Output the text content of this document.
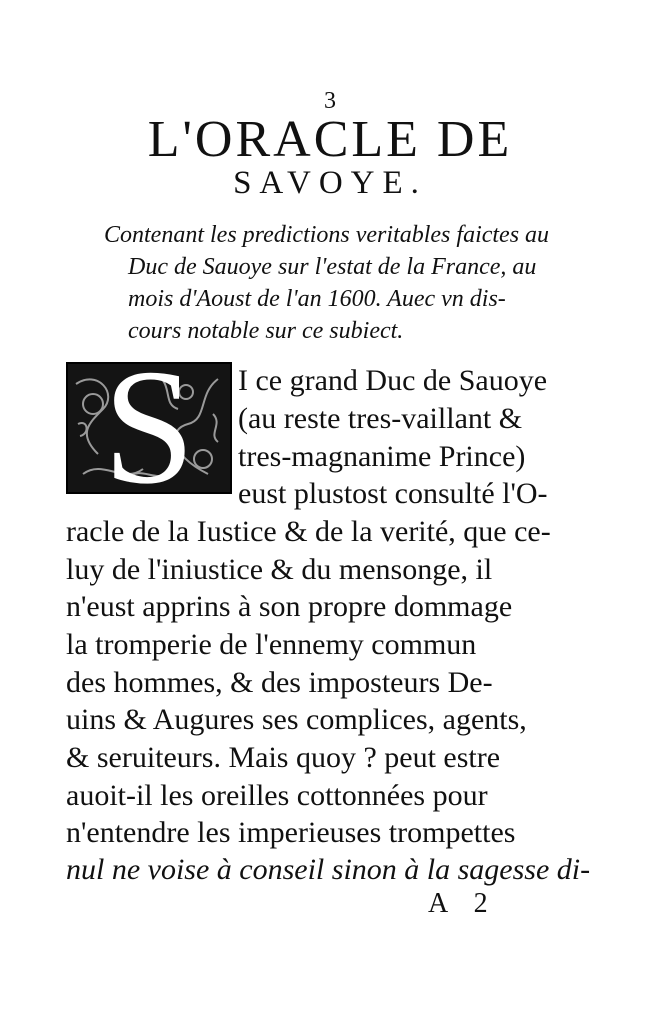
3
L'ORACLE DE
SAVOYE.
Contenant les predictions veritables faictes au
Duc de Sauoye sur l'estat de la France, au
mois d'Aoust de l'an 1600. Auec vn dis-
cours notable sur ce subiect.
S	I ce grand Duc de Sauoye
(au reste tres-vaillant &
tres-magnanime Prince)
eust plustost consulté l'O-
racle de la Iustice & de la verité, que ce-
luy de l'iniustice & du mensonge, il
n'eust apprins à son propre dommage
la tromperie de l'ennemy commun
des hommes, & des imposteurs De-
uins & Augures ses complices, agents,
& seruiteurs. Mais quoy ? peut estre
auoit-il les oreilles cottonnées pour
n'entendre les imperieuses trompettes
nul ne voise à conseil sinon à la sagesse di-
A 2
